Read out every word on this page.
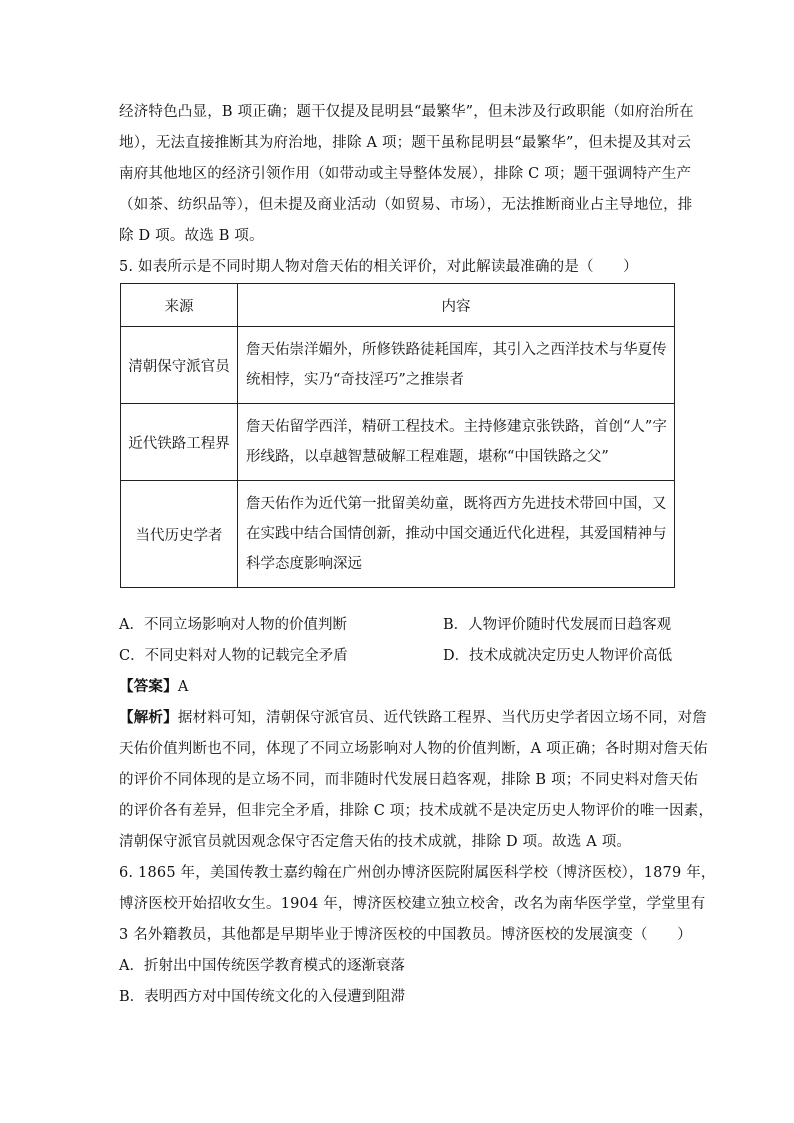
经济特色凸显，B 项正确；题干仅提及昆明县“最繁华”，但未涉及行政职能（如府治所在
地），无法直接推断其为府治地，排除 A 项；题干虽称昆明县“最繁华”，但未提及其对云
南府其他地区的经济引领作用（如带动或主导整体发展），排除 C 项；题干强调特产生产
（如茶、纺织品等），但未提及商业活动（如贸易、市场），无法推断商业占主导地位，排
除 D 项。故选 B 项。
5. 如表所示是不同时期人物对詹天佑的相关评价，对此解读最准确的是（　　）
来源	内容
清朝保守派官员	詹天佑崇洋媚外，所修铁路徒耗国库，其引入之西洋技术与华夏传统相悖，实乃“奇技淫巧”之推崇者
近代铁路工程界	詹天佑留学西洋，精研工程技术。主持修建京张铁路，首创“人”字形线路，以卓越智慧破解工程难题，堪称“中国铁路之父”
当代历史学者	詹天佑作为近代第一批留美幼童，既将西方先进技术带回中国，又在实践中结合国情创新，推动中国交通近代化进程，其爱国精神与科学态度影响深远
A．不同立场影响对人物的价值判断	B．人物评价随时代发展而日趋客观
C．不同史料对人物的记载完全矛盾	D．技术成就决定历史人物评价高低
【答案】A
【解析】据材料可知，清朝保守派官员、近代铁路工程界、当代历史学者因立场不同，对詹
天佑价值判断也不同，体现了不同立场影响对人物的价值判断，A 项正确；各时期对詹天佑
的评价不同体现的是立场不同，而非随时代发展日趋客观，排除 B 项；不同史料对詹天佑
的评价各有差异，但非完全矛盾，排除 C 项；技术成就不是决定历史人物评价的唯一因素，
清朝保守派官员就因观念保守否定詹天佑的技术成就，排除 D 项。故选 A 项。
6. 1865 年，美国传教士嘉约翰在广州创办博济医院附属医科学校（博济医校），1879 年，
博济医校开始招收女生。1904 年，博济医校建立独立校舍，改名为南华医学堂，学堂里有
3 名外籍教员，其他都是早期毕业于博济医校的中国教员。博济医校的发展演变（　　）
A．折射出中国传统医学教育模式的逐渐衰落
B．表明西方对中国传统文化的入侵遭到阻滞
